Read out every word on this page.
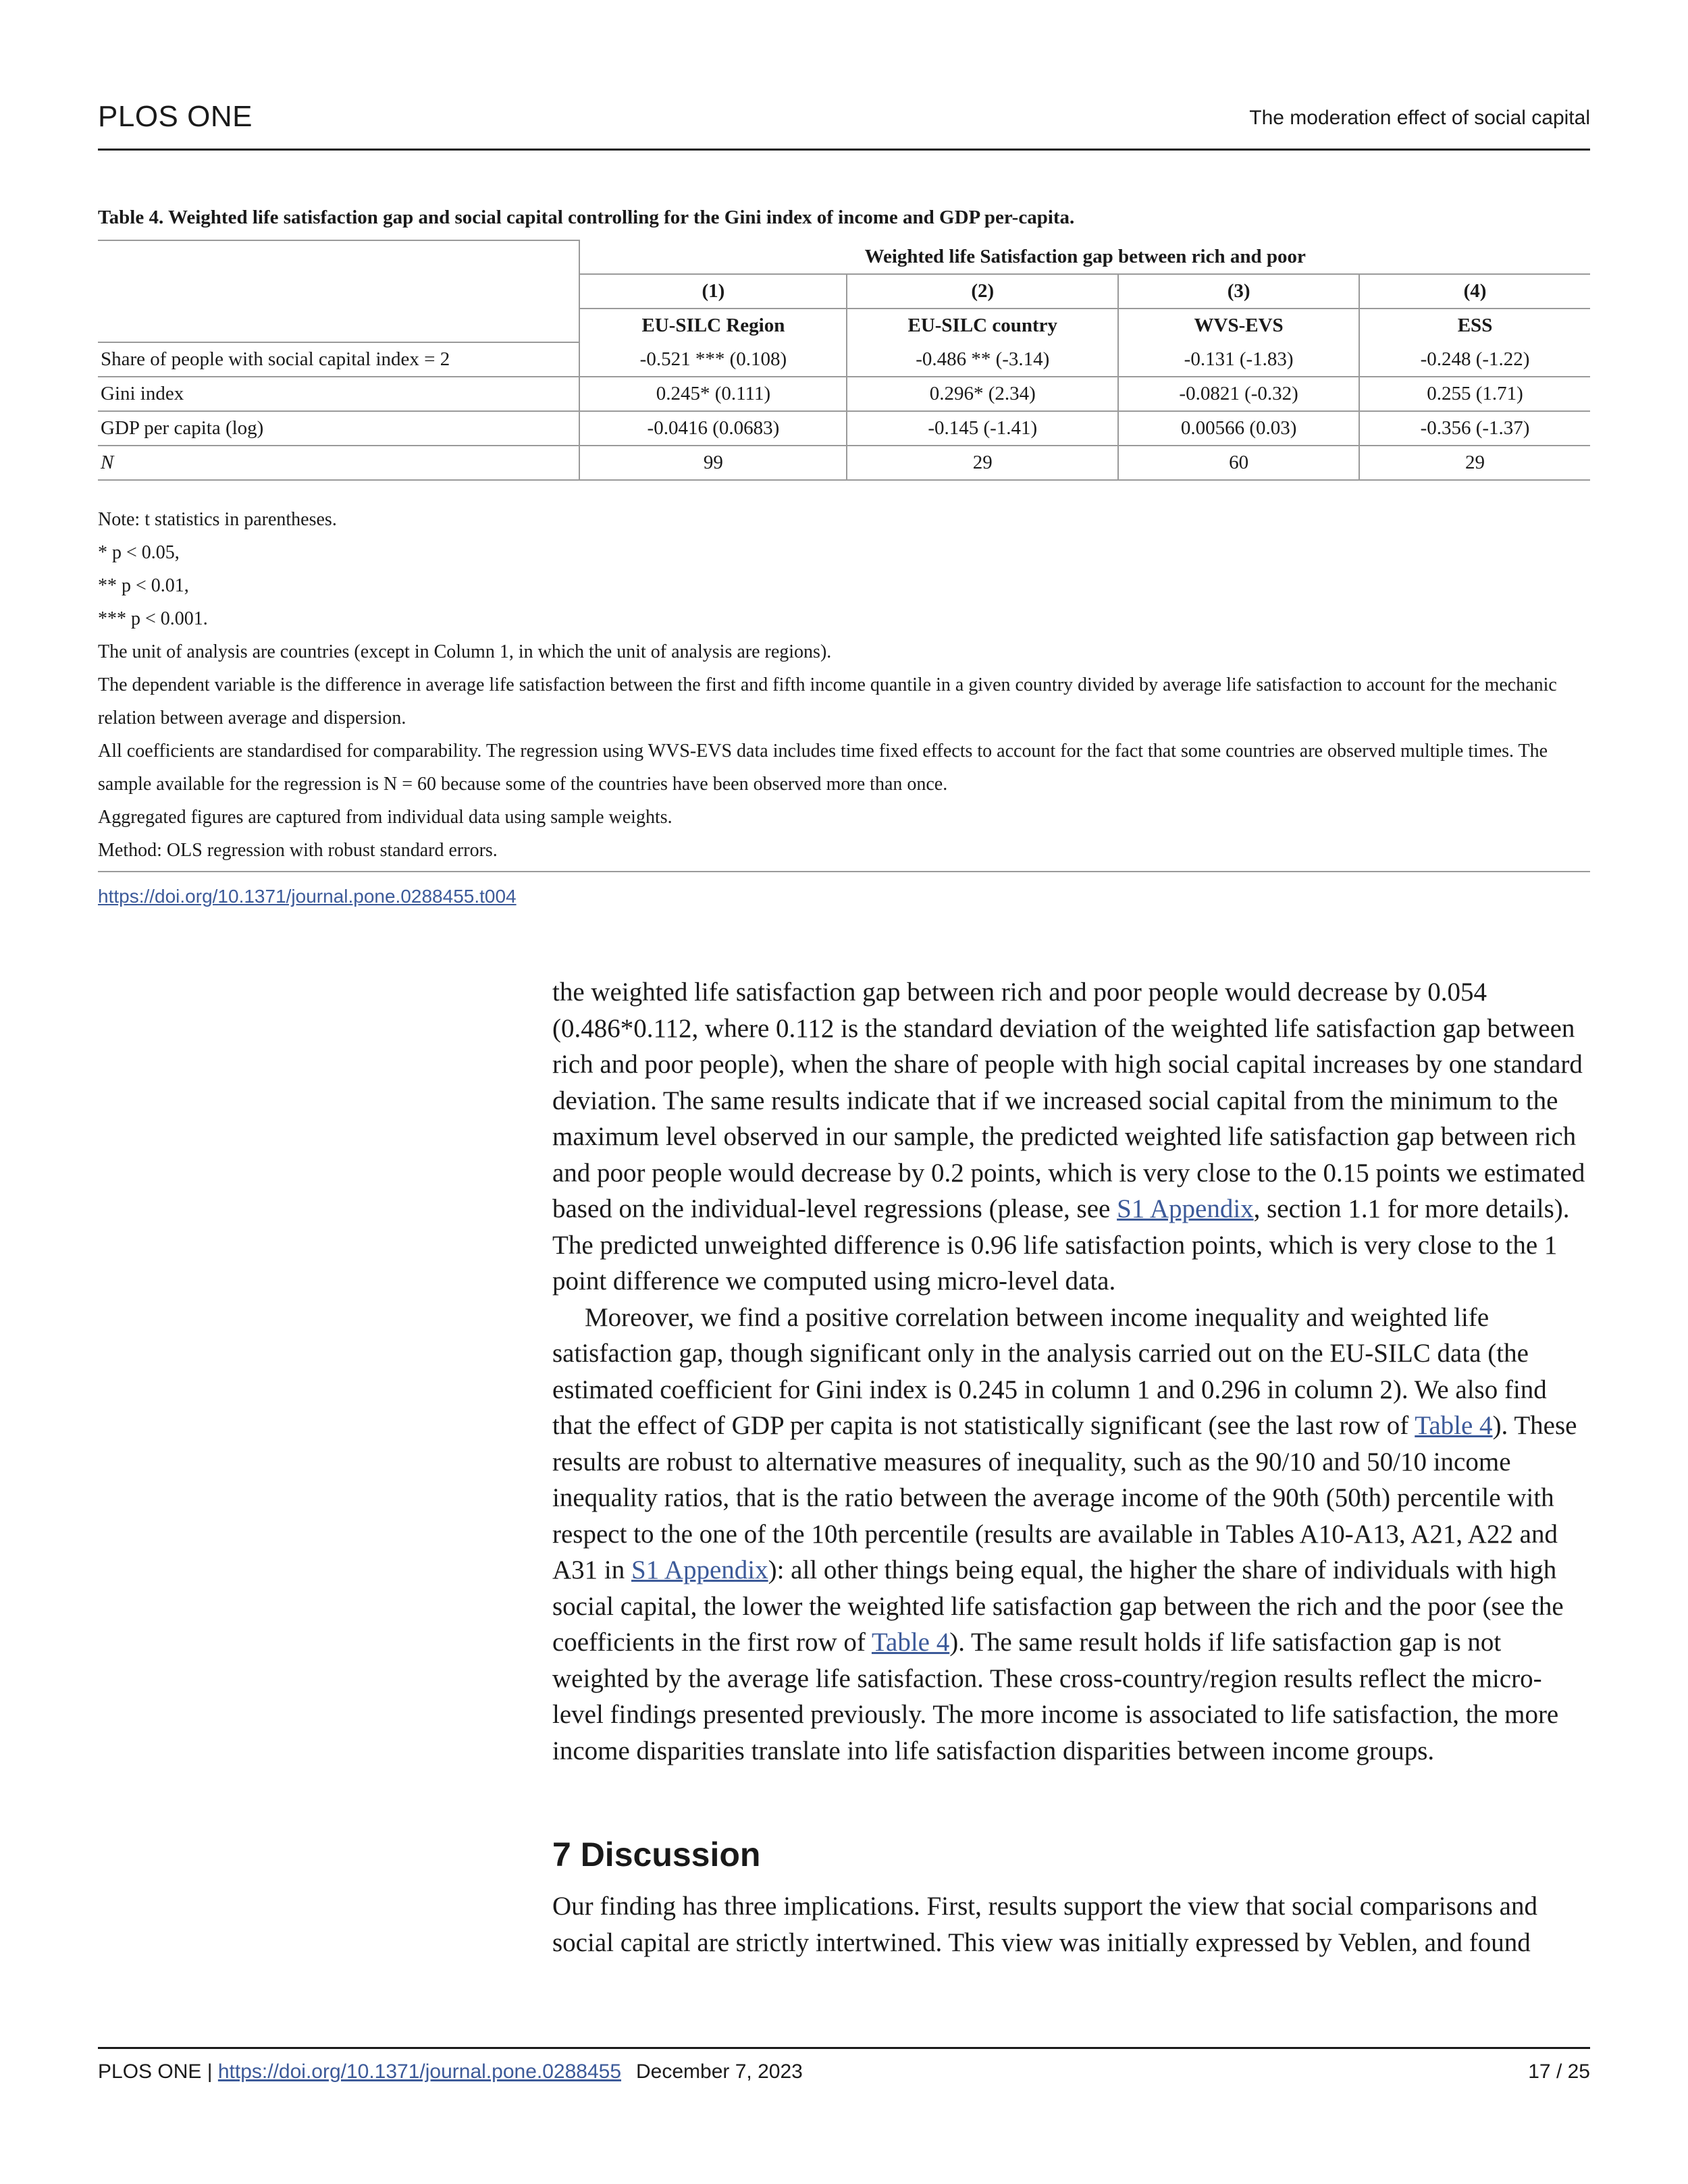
PLOS ONE	The moderation effect of social capital
Table 4. Weighted life satisfaction gap and social capital controlling for the Gini index of income and GDP per-capita.
	Weighted life Satisfaction gap between rich and poor			
	(1)	(2)	(3)	(4)
	EU-SILC Region	EU-SILC country	WVS-EVS	ESS
Share of people with social capital index = 2	-0.521 *** (0.108)	-0.486 ** (-3.14)	-0.131 (-1.83)	-0.248 (-1.22)
Gini index	0.245* (0.111)	0.296* (2.34)	-0.0821 (-0.32)	0.255 (1.71)
GDP per capita (log)	-0.0416 (0.0683)	-0.145 (-1.41)	0.00566 (0.03)	-0.356 (-1.37)
N	99	29	60	29

Note: t statistics in parentheses.

* p < 0.05,

** p < 0.01,

*** p < 0.001.

The unit of analysis are countries (except in Column 1, in which the unit of analysis are regions).

The dependent variable is the difference in average life satisfaction between the first and fifth income quantile in a given country divided by average life satisfaction to account for the mechanic relation between average and dispersion.

All coefficients are standardised for comparability. The regression using WVS-EVS data includes time fixed effects to account for the fact that some countries are observed multiple times. The sample available for the regression is N = 60 because some of the countries have been observed more than once.

Aggregated figures are captured from individual data using sample weights.

Method: OLS regression with robust standard errors.

https://doi.org/10.1371/journal.pone.0288455.t004

the weighted life satisfaction gap between rich and poor people would decrease by 0.054 (0.486*0.112, where 0.112 is the standard deviation of the weighted life satisfaction gap between rich and poor people), when the share of people with high social capital increases by one standard deviation. The same results indicate that if we increased social capital from the minimum to the maximum level observed in our sample, the predicted weighted life satisfaction gap between rich and poor people would decrease by 0.2 points, which is very close to the 0.15 points we estimated based on the individual-level regressions (please, see S1 Appendix, section 1.1 for more details). The predicted unweighted difference is 0.96 life satisfaction points, which is very close to the 1 point difference we computed using micro-level data.

Moreover, we find a positive correlation between income inequality and weighted life satisfaction gap, though significant only in the analysis carried out on the EU-SILC data (the estimated coefficient for Gini index is 0.245 in column 1 and 0.296 in column 2). We also find that the effect of GDP per capita is not statistically significant (see the last row of Table 4). These results are robust to alternative measures of inequality, such as the 90/10 and 50/10 income inequality ratios, that is the ratio between the average income of the 90th (50th) percentile with respect to the one of the 10th percentile (results are available in Tables A10-A13, A21, A22 and A31 in S1 Appendix): all other things being equal, the higher the share of individuals with high social capital, the lower the weighted life satisfaction gap between the rich and the poor (see the coefficients in the first row of Table 4). The same result holds if life satisfaction gap is not weighted by the average life satisfaction. These cross-country/region results reflect the micro-level findings presented previously. The more income is associated to life satisfaction, the more income disparities translate into life satisfaction disparities between income groups.

7 Discussion

Our finding has three implications. First, results support the view that social comparisons and social capital are strictly intertwined. This view was initially expressed by Veblen, and found

PLOS ONE | https://doi.org/10.1371/journal.pone.0288455 December 7, 2023	17 / 25
